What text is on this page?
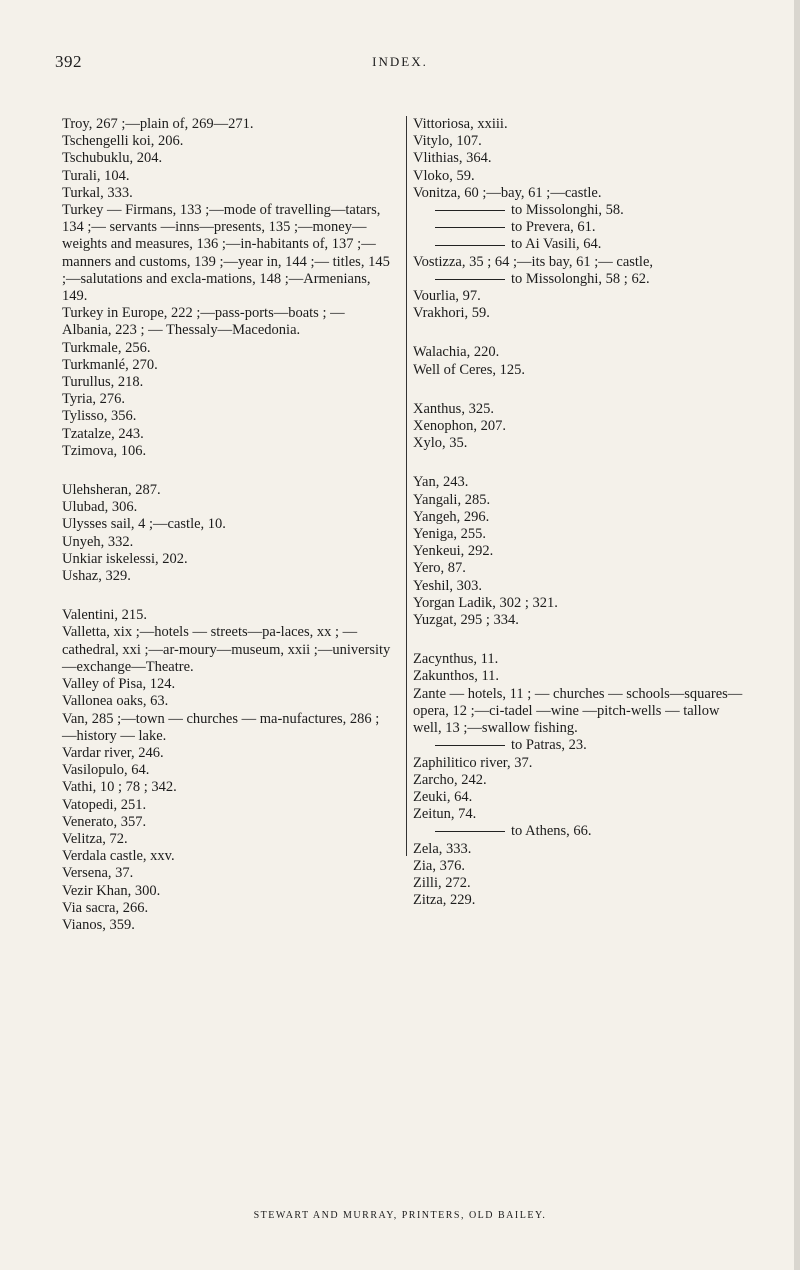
392	INDEX.
Troy, 267 ;—plain of, 269—271.
Tschengelli koi, 206.
Tschubuklu, 204.
Turali, 104.
Turkal, 333.
Turkey — Firmans, 133 ;—mode of travelling—tatars, 134 ;— servants —inns—presents, 135 ;—money— weights and measures, 136 ;—in-habitants of, 137 ;—manners and customs, 139 ;—year in, 144 ;— titles, 145 ;—salutations and excla-mations, 148 ;—Armenians, 149.
Turkey in Europe, 222 ;—pass-ports—boats ; — Albania, 223 ; — Thessaly—Macedonia.
Turkmale, 256.
Turkmanlé, 270.
Turullus, 218.
Tyria, 276.
Tylisso, 356.
Tzatalze, 243.
Tzimova, 106.
Ulehsheran, 287.
Ulubad, 306.
Ulysses sail, 4 ;—castle, 10.
Unyeh, 332.
Unkiar iskelessi, 202.
Ushaz, 329.
Valentini, 215.
Valletta, xix ;—hotels — streets—pa-laces, xx ; — cathedral, xxi ;—ar-moury—museum, xxii ;—university —exchange—Theatre.
Valley of Pisa, 124.
Vallonea oaks, 63.
Van, 285 ;—town — churches — ma-nufactures, 286 ;—history — lake.
Vardar river, 246.
Vasilopulo, 64.
Vathi, 10 ; 78 ; 342.
Vatopedi, 251.
Venerato, 357.
Velitza, 72.
Verdala castle, xxv.
Versena, 37.
Vezir Khan, 300.
Via sacra, 266.
Vianos, 359.
Vittoriosa, xxiii.
Vitylo, 107.
Vlithias, 364.
Vloko, 59.
Vonitza, 60 ;—bay, 61 ;—castle.
to Missolonghi, 58.
to Prevera, 61.
to Ai Vasili, 64.
Vostizza, 35 ; 64 ;—its bay, 61 ;— castle,
to Missolonghi, 58 ; 62.
Vourlia, 97.
Vrakhori, 59.
Walachia, 220.
Well of Ceres, 125.
Xanthus, 325.
Xenophon, 207.
Xylo, 35.
Yan, 243.
Yangali, 285.
Yangeh, 296.
Yeniga, 255.
Yenkeui, 292.
Yero, 87.
Yeshil, 303.
Yorgan Ladik, 302 ; 321.
Yuzgat, 295 ; 334.
Zacynthus, 11.
Zakunthos, 11.
Zante — hotels, 11 ; — churches — schools—squares—opera, 12 ;—ci-tadel —wine —pitch-wells — tallow well, 13 ;—swallow fishing.
to Patras, 23.
Zaphilitico river, 37.
Zarcho, 242.
Zeuki, 64.
Zeitun, 74.
to Athens, 66.
Zela, 333.
Zia, 376.
Zilli, 272.
Zitza, 229.
STEWART AND MURRAY, PRINTERS, OLD BAILEY.
